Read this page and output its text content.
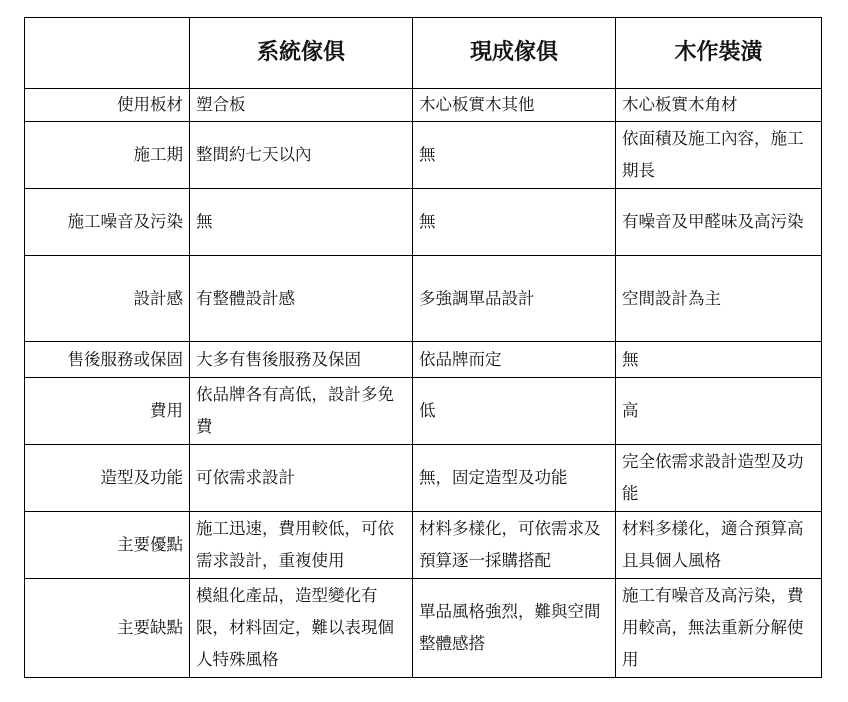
	系統傢俱	現成傢俱	木作裝潢
使用板材	塑合板	木心板實木其他	木心板實木角材
施工期	整間約七天以內	無	依面積及施工內容，施工期長
施工噪音及污染	無	無	有噪音及甲醛味及高污染
設計感	有整體設計感	多強調單品設計	空間設計為主
售後服務或保固	大多有售後服務及保固	依品牌而定	無
費用	依品牌各有高低，設計多免費	低	高
造型及功能	可依需求設計	無，固定造型及功能	完全依需求設計造型及功能
主要優點	施工迅速，費用較低，可依需求設計，重複使用	材料多樣化，可依需求及預算逐一採購搭配	材料多樣化，適合預算高且具個人風格
主要缺點	模組化產品，造型變化有限，材料固定，難以表現個人特殊風格	單品風格強烈，難與空間整體感搭	施工有噪音及高污染，費用較高，無法重新分解使用
